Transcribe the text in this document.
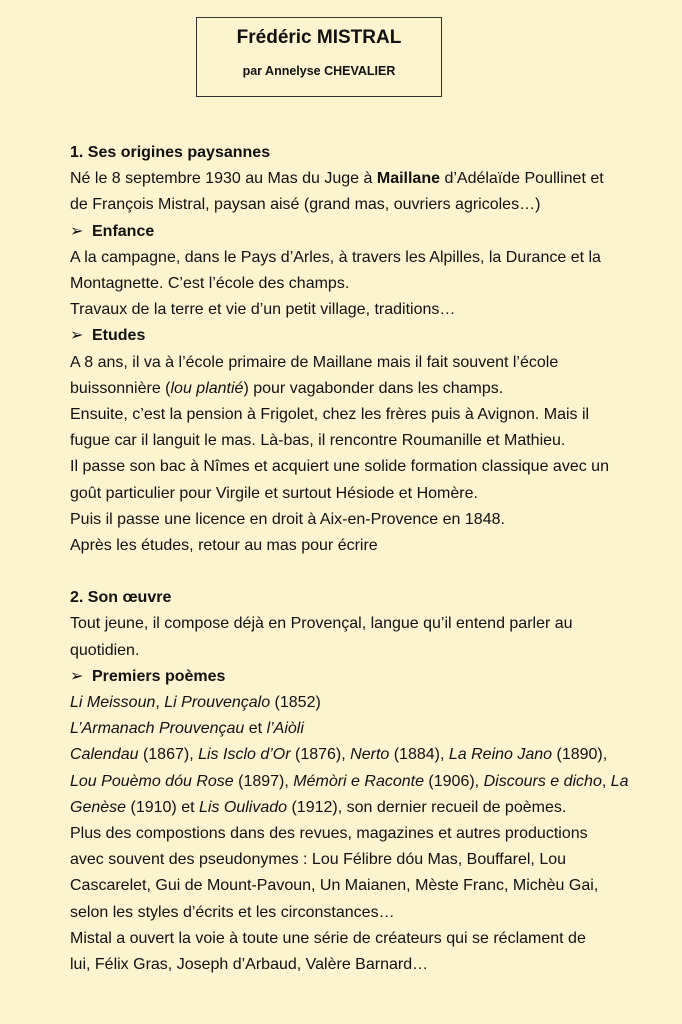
Frédéric MISTRAL
par Annelyse CHEVALIER
1. Ses origines paysannes
Né le 8 septembre 1930 au Mas du Juge à Maillane d’Adélaïde Poullinet et
de François Mistral, paysan aisé (grand mas, ouvriers agricoles…)
➢ Enfance
A la campagne, dans le Pays d’Arles, à travers les Alpilles, la Durance et la
Montagnette. C’est l’école des champs.
Travaux de la terre et vie d’un petit village, traditions…
➢ Etudes
A 8 ans, il va à l’école primaire de Maillane mais il fait souvent l’école
buissonnière (lou plantié) pour vagabonder dans les champs.
Ensuite, c’est la pension à Frigolet, chez les frères puis à Avignon. Mais il
fugue car il languit le mas. Là-bas, il rencontre Roumanille et Mathieu.
Il passe son bac à Nîmes et acquiert une solide formation classique avec un
goût particulier pour Virgile et surtout Hésiode et Homère.
Puis il passe une licence en droit à Aix-en-Provence en 1848.
Après les études, retour au mas pour écrire
2. Son œuvre
Tout jeune, il compose déjà en Provençal, langue qu’il entend parler au
quotidien.
➢ Premiers poèmes
Li Meissoun, Li Prouvençalo (1852)
L’Armanach Prouvençau et l’Aiòli
Calendau (1867), Lis Isclo d’Or (1876), Nerto (1884), La Reino Jano (1890),
Lou Pouèmo dóu Rose (1897), Mémòri e Raconte (1906), Discours e dicho, La
Genèse (1910) et Lis Oulivado (1912), son dernier recueil de poèmes.
Plus des compostions dans des revues, magazines et autres productions
avec souvent des pseudonymes : Lou Félibre dóu Mas, Bouffarel, Lou
Cascarelet, Gui de Mount-Pavoun, Un Maianen, Mèste Franc, Michèu Gai,
selon les styles d’écrits et les circonstances…
Mistal a ouvert la voie à toute une série de créateurs qui se réclament de
lui, Félix Gras, Joseph d’Arbaud, Valère Barnard…
